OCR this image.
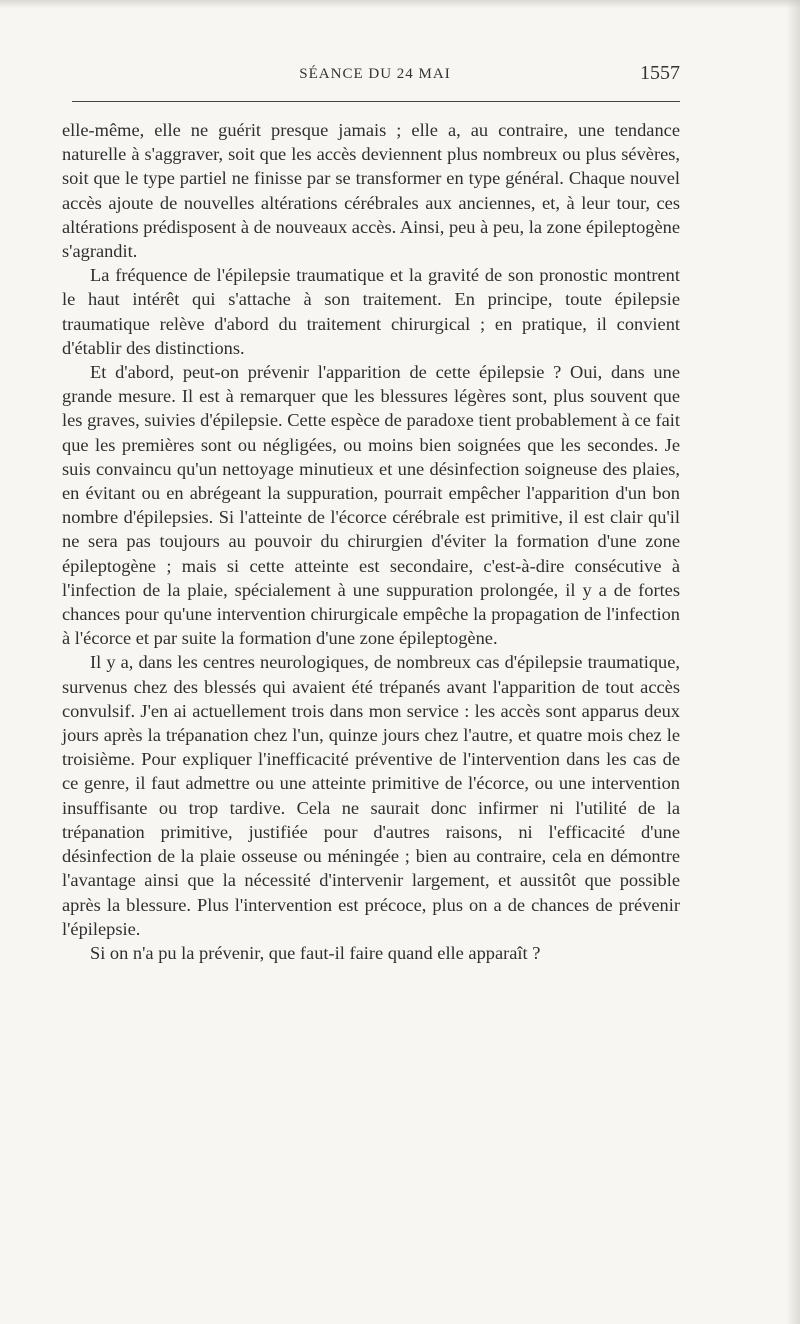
SÉANCE DU 24 MAI	1557

elle-même, elle ne guérit presque jamais ; elle a, au contraire, une tendance naturelle à s'aggraver, soit que les accès deviennent plus nombreux ou plus sévères, soit que le type partiel ne finisse par se transformer en type général. Chaque nouvel accès ajoute de nouvelles altérations cérébrales aux anciennes, et, à leur tour, ces altérations prédisposent à de nouveaux accès. Ainsi, peu à peu, la zone épileptogène s'agrandit.

La fréquence de l'épilepsie traumatique et la gravité de son pronostic montrent le haut intérêt qui s'attache à son traitement. En principe, toute épilepsie traumatique relève d'abord du traitement chirurgical ; en pratique, il convient d'établir des distinctions.

Et d'abord, peut-on prévenir l'apparition de cette épilepsie ? Oui, dans une grande mesure. Il est à remarquer que les blessures légères sont, plus souvent que les graves, suivies d'épilepsie. Cette espèce de paradoxe tient probablement à ce fait que les premières sont ou négligées, ou moins bien soignées que les secondes. Je suis convaincu qu'un nettoyage minutieux et une désinfection soigneuse des plaies, en évitant ou en abrégeant la suppuration, pourrait empêcher l'apparition d'un bon nombre d'épilepsies. Si l'atteinte de l'écorce cérébrale est primitive, il est clair qu'il ne sera pas toujours au pouvoir du chirurgien d'éviter la formation d'une zone épileptogène ; mais si cette atteinte est secondaire, c'est-à-dire consécutive à l'infection de la plaie, spécialement à une suppuration prolongée, il y a de fortes chances pour qu'une intervention chirurgicale empêche la propagation de l'infection à l'écorce et par suite la formation d'une zone épileptogène.

Il y a, dans les centres neurologiques, de nombreux cas d'épilepsie traumatique, survenus chez des blessés qui avaient été trépanés avant l'apparition de tout accès convulsif. J'en ai actuellement trois dans mon service : les accès sont apparus deux jours après la trépanation chez l'un, quinze jours chez l'autre, et quatre mois chez le troisième. Pour expliquer l'inefficacité préventive de l'intervention dans les cas de ce genre, il faut admettre ou une atteinte primitive de l'écorce, ou une intervention insuffisante ou trop tardive. Cela ne saurait donc infirmer ni l'utilité de la trépanation primitive, justifiée pour d'autres raisons, ni l'efficacité d'une désinfection de la plaie osseuse ou méningée ; bien au contraire, cela en démontre l'avantage ainsi que la nécessité d'intervenir largement, et aussitôt que possible après la blessure. Plus l'intervention est précoce, plus on a de chances de prévenir l'épilepsie.

Si on n'a pu la prévenir, que faut-il faire quand elle apparaît ?
